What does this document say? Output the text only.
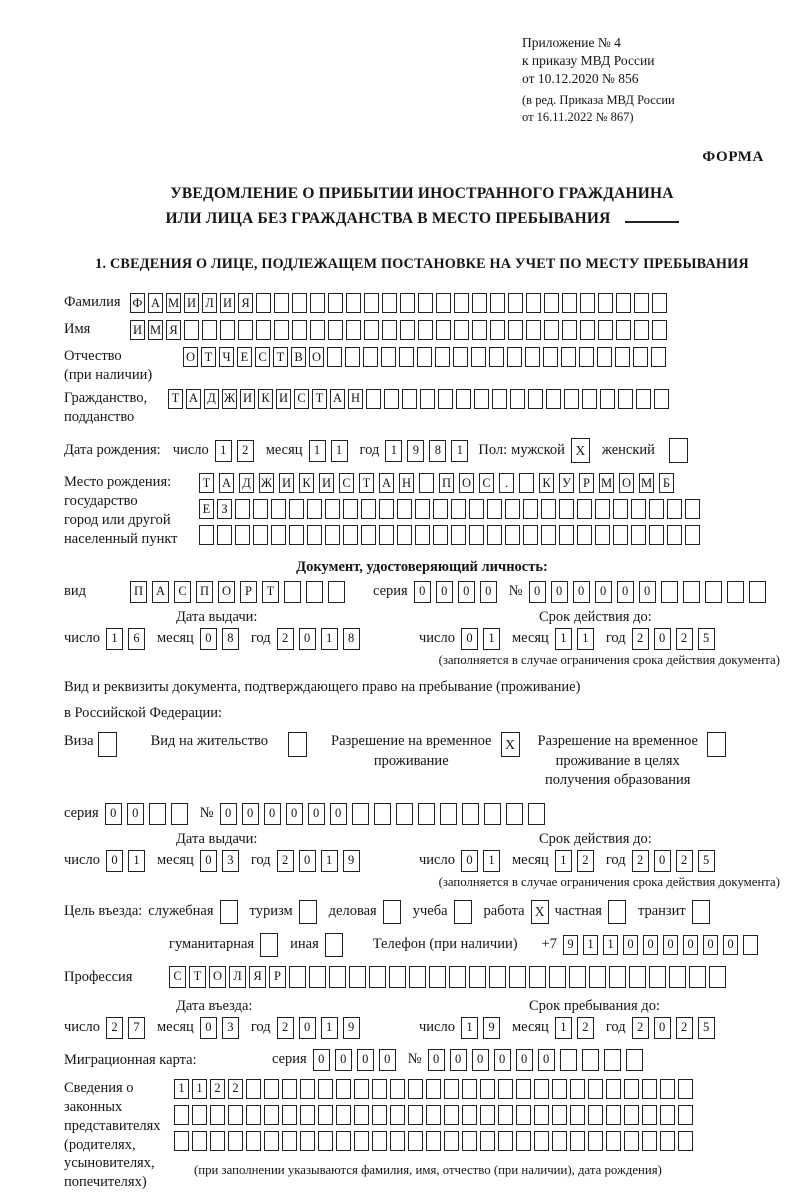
Приложение № 4
к приказу МВД России
от 10.12.2020 № 856
(в ред. Приказа МВД России
от 16.11.2022 № 867)
ФОРМА
УВЕДОМЛЕНИЕ О ПРИБЫТИИ ИНОСТРАННОГО ГРАЖДАНИНА
ИЛИ ЛИЦА БЕЗ ГРАЖДАНСТВА В МЕСТО ПРЕБЫВАНИЯ
1. СВЕДЕНИЯ О ЛИЦЕ, ПОДЛЕЖАЩЕМ ПОСТАНОВКЕ НА УЧЕТ ПО МЕСТУ ПРЕБЫВАНИЯ
Фамилия Ф А М И Л И Я
Имя	И М Я
Отчество
(при наличии)
О Т Ч Е С Т В О
Гражданство,
подданство
Т А Д Ж И К И С Т А Н
Дата рождения: число 1	2	месяц 1	1	год 1	9	8	1	Пол: мужской X	женский
Место рождения:
государство
город или другой
населенный пункт
Т А Д Ж И К И С Т А Н П О С	.	К У Р М О М Б
Е З
Документ, удостоверяющий личность:
вид	П	А	С	П	О	Р	Т	серия 0	0	0	0	№ 0	0	0	0	0	0
Дата выдачи:	Срок действия до:
число 1	6	месяц 0	8	год 2	0	1	8	число 0	1	месяц 1	1	год 2	0	2	5
(заполняется в случае ограничения срока действия документа)
Вид и реквизиты документа, подтверждающего право на пребывание (проживание)
в Российской Федерации:
Виза	Вид на жительство	Разрешение на временное
проживание
X	Разрешение на временное
проживание в целях
получения образования
серия 0	0	№ 0	0	0	0	0	0
Дата выдачи:	Срок действия до:
число 0	1	месяц 0	3	год 2	0	1	9	число 0	1	месяц 1	2	год 2	0	2	5
(заполняется в случае ограничения срока действия документа)
Цель въезда: служебная туризм деловая учеба работа X частная транзит
гуманитарная иная	Телефон (при наличии) +7 9	1	1	0	0	0	0	0	0
Профессия	С Т О Л Я Р
Дата въезда:	Срок пребывания до:
число 2	7	месяц 0	3	год 2	0	1	9	число 1	9	месяц 1	2	год 2	0	2	5
Миграционная карта:	серия 0	0	0	0	№ 0	0	0	0	0	0
Сведения о
законных
представителях
(родителях,
усыновителях,
попечителях)
1 1 2 2
(при заполнении указываются фамилия, имя, отчество (при наличии), дата рождения)
